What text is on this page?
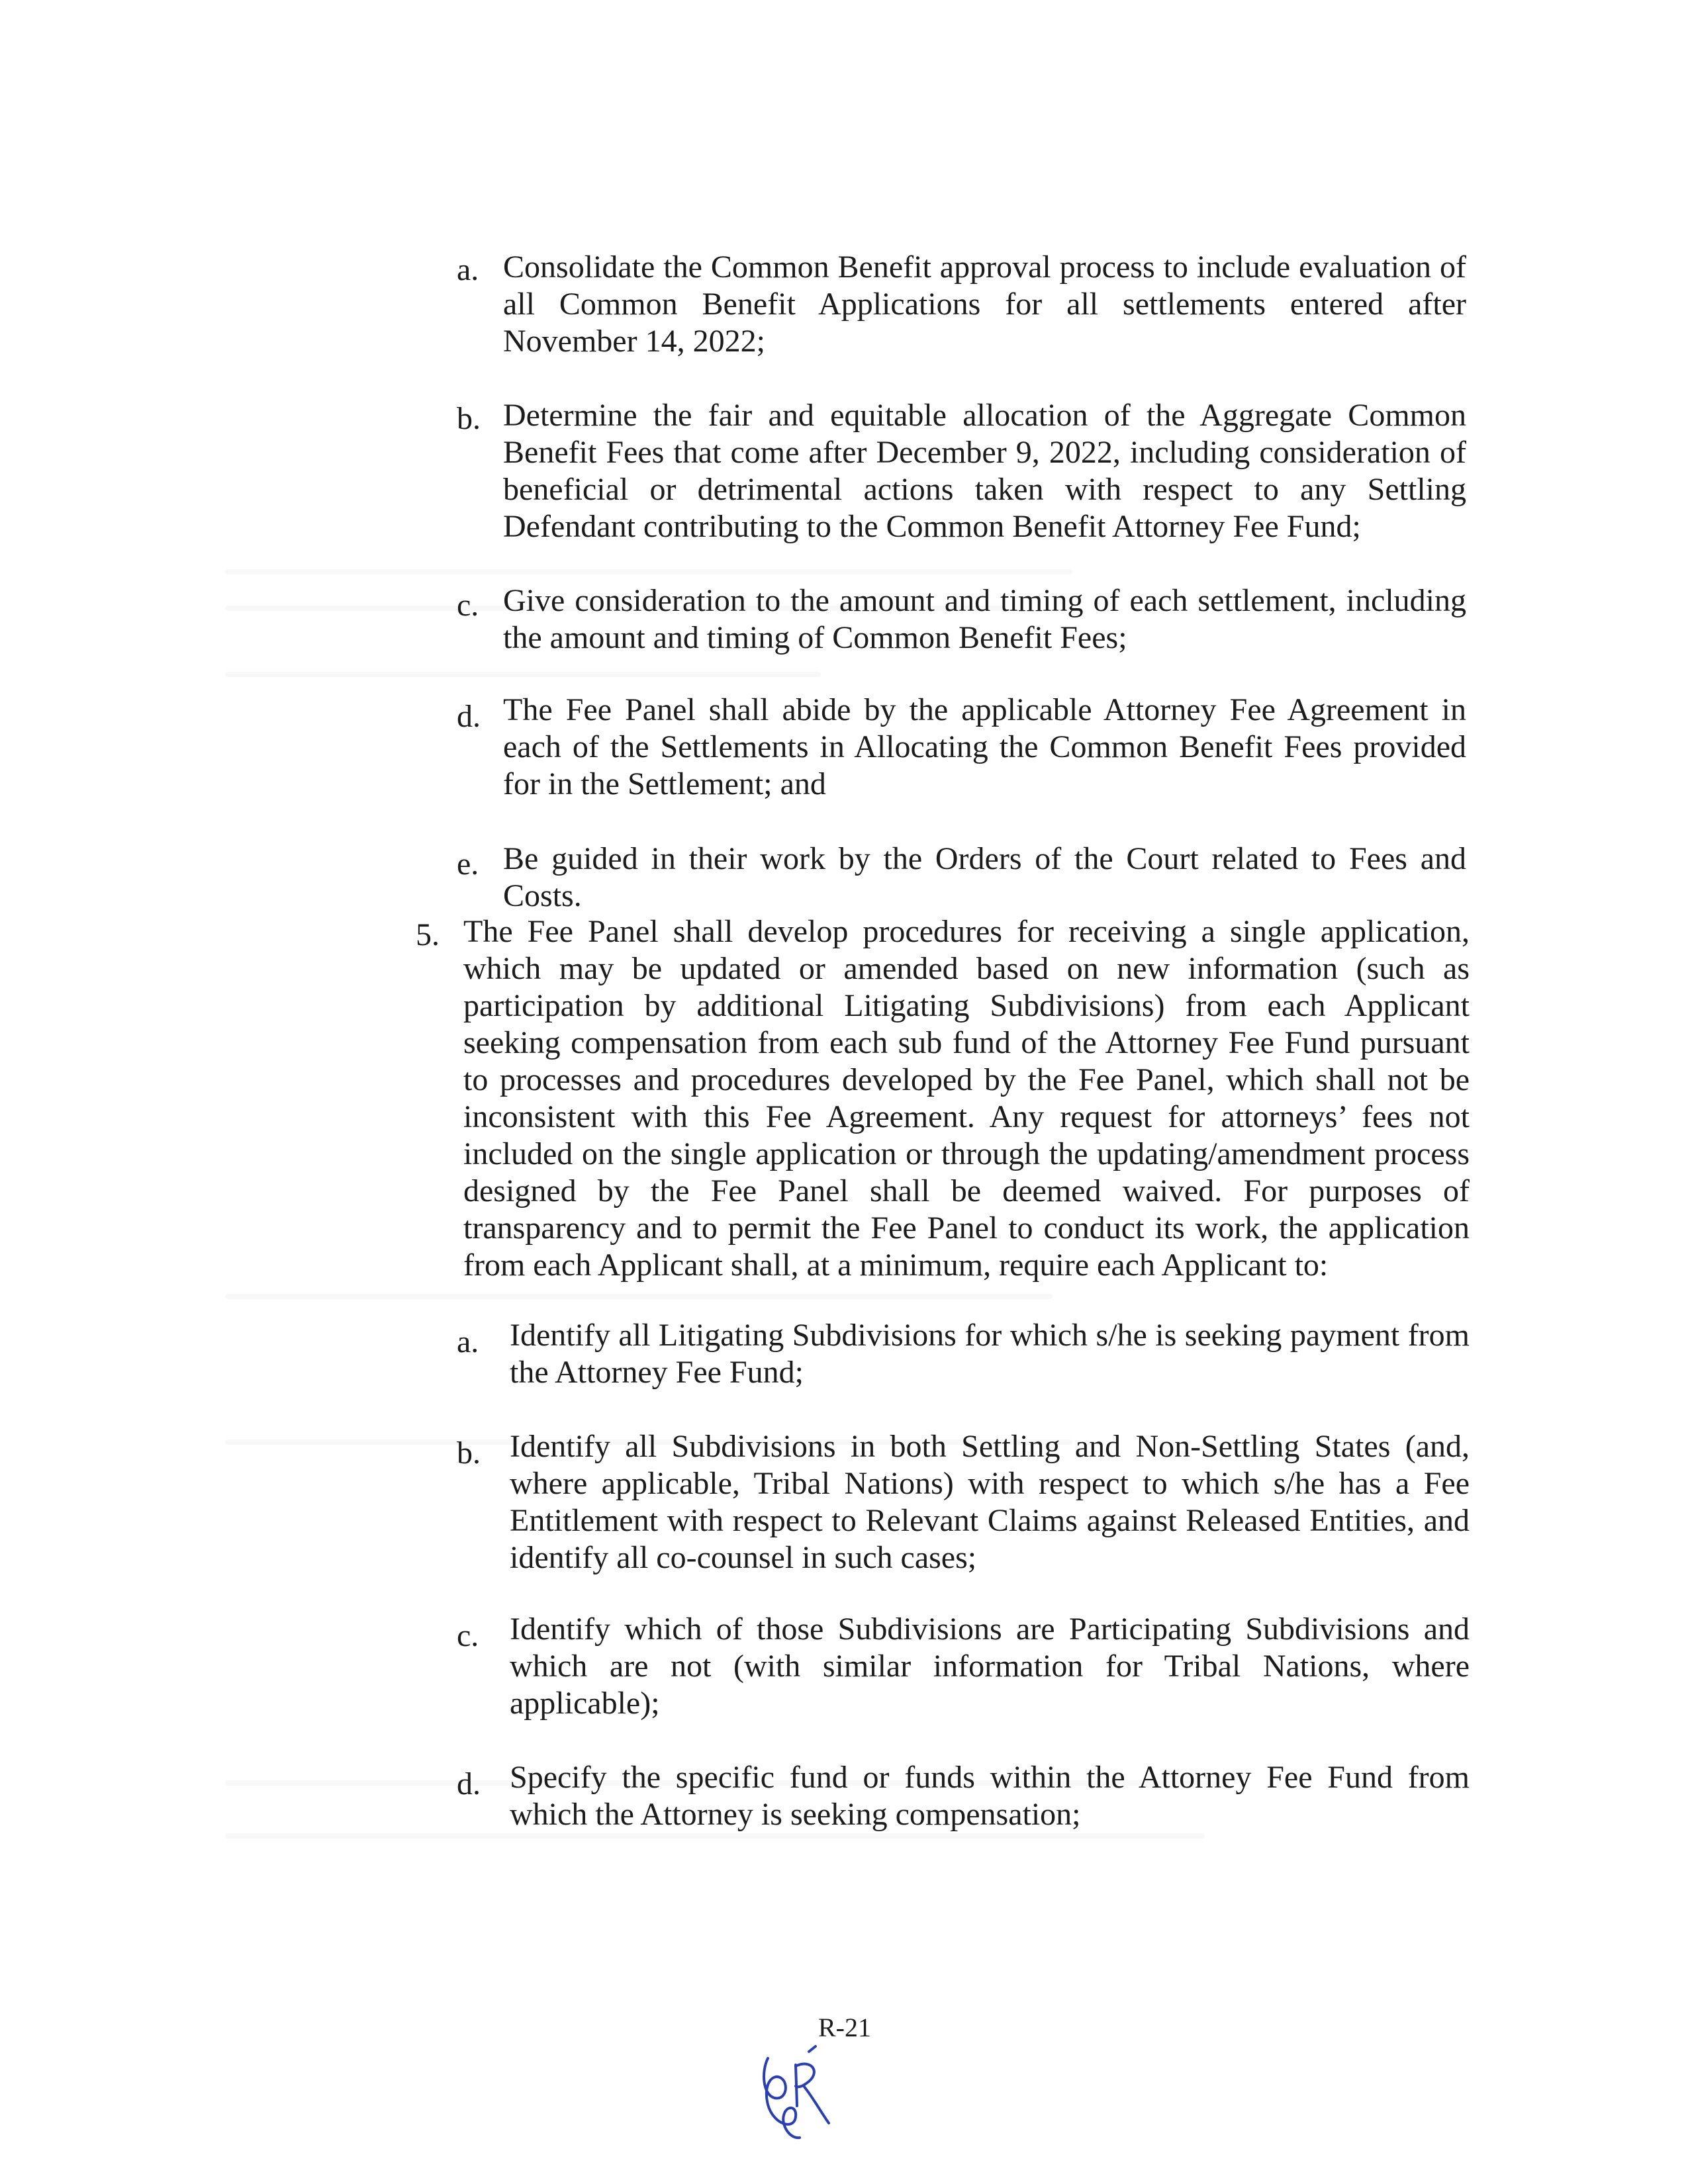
a. Consolidate the Common Benefit approval process to include evaluation of all Common Benefit Applications for all settlements entered after November 14, 2022;
b. Determine the fair and equitable allocation of the Aggregate Common Benefit Fees that come after December 9, 2022, including consideration of beneficial or detrimental actions taken with respect to any Settling Defendant contributing to the Common Benefit Attorney Fee Fund;
c. Give consideration to the amount and timing of each settlement, including the amount and timing of Common Benefit Fees;
d. The Fee Panel shall abide by the applicable Attorney Fee Agreement in each of the Settlements in Allocating the Common Benefit Fees provided for in the Settlement; and
e. Be guided in their work by the Orders of the Court related to Fees and Costs.
5. The Fee Panel shall develop procedures for receiving a single application, which may be updated or amended based on new information (such as participation by additional Litigating Subdivisions) from each Applicant seeking compensation from each sub fund of the Attorney Fee Fund pursuant to processes and procedures developed by the Fee Panel, which shall not be inconsistent with this Fee Agreement. Any request for attorneys’ fees not included on the single application or through the updating/amendment process designed by the Fee Panel shall be deemed waived. For purposes of transparency and to permit the Fee Panel to conduct its work, the application from each Applicant shall, at a minimum, require each Applicant to:
a. Identify all Litigating Subdivisions for which s/he is seeking payment from the Attorney Fee Fund;
b. Identify all Subdivisions in both Settling and Non-Settling States (and, where applicable, Tribal Nations) with respect to which s/he has a Fee Entitlement with respect to Relevant Claims against Released Entities, and identify all co-counsel in such cases;
c. Identify which of those Subdivisions are Participating Subdivisions and which are not (with similar information for Tribal Nations, where applicable);
d. Specify the specific fund or funds within the Attorney Fee Fund from which the Attorney is seeking compensation;
R-21
